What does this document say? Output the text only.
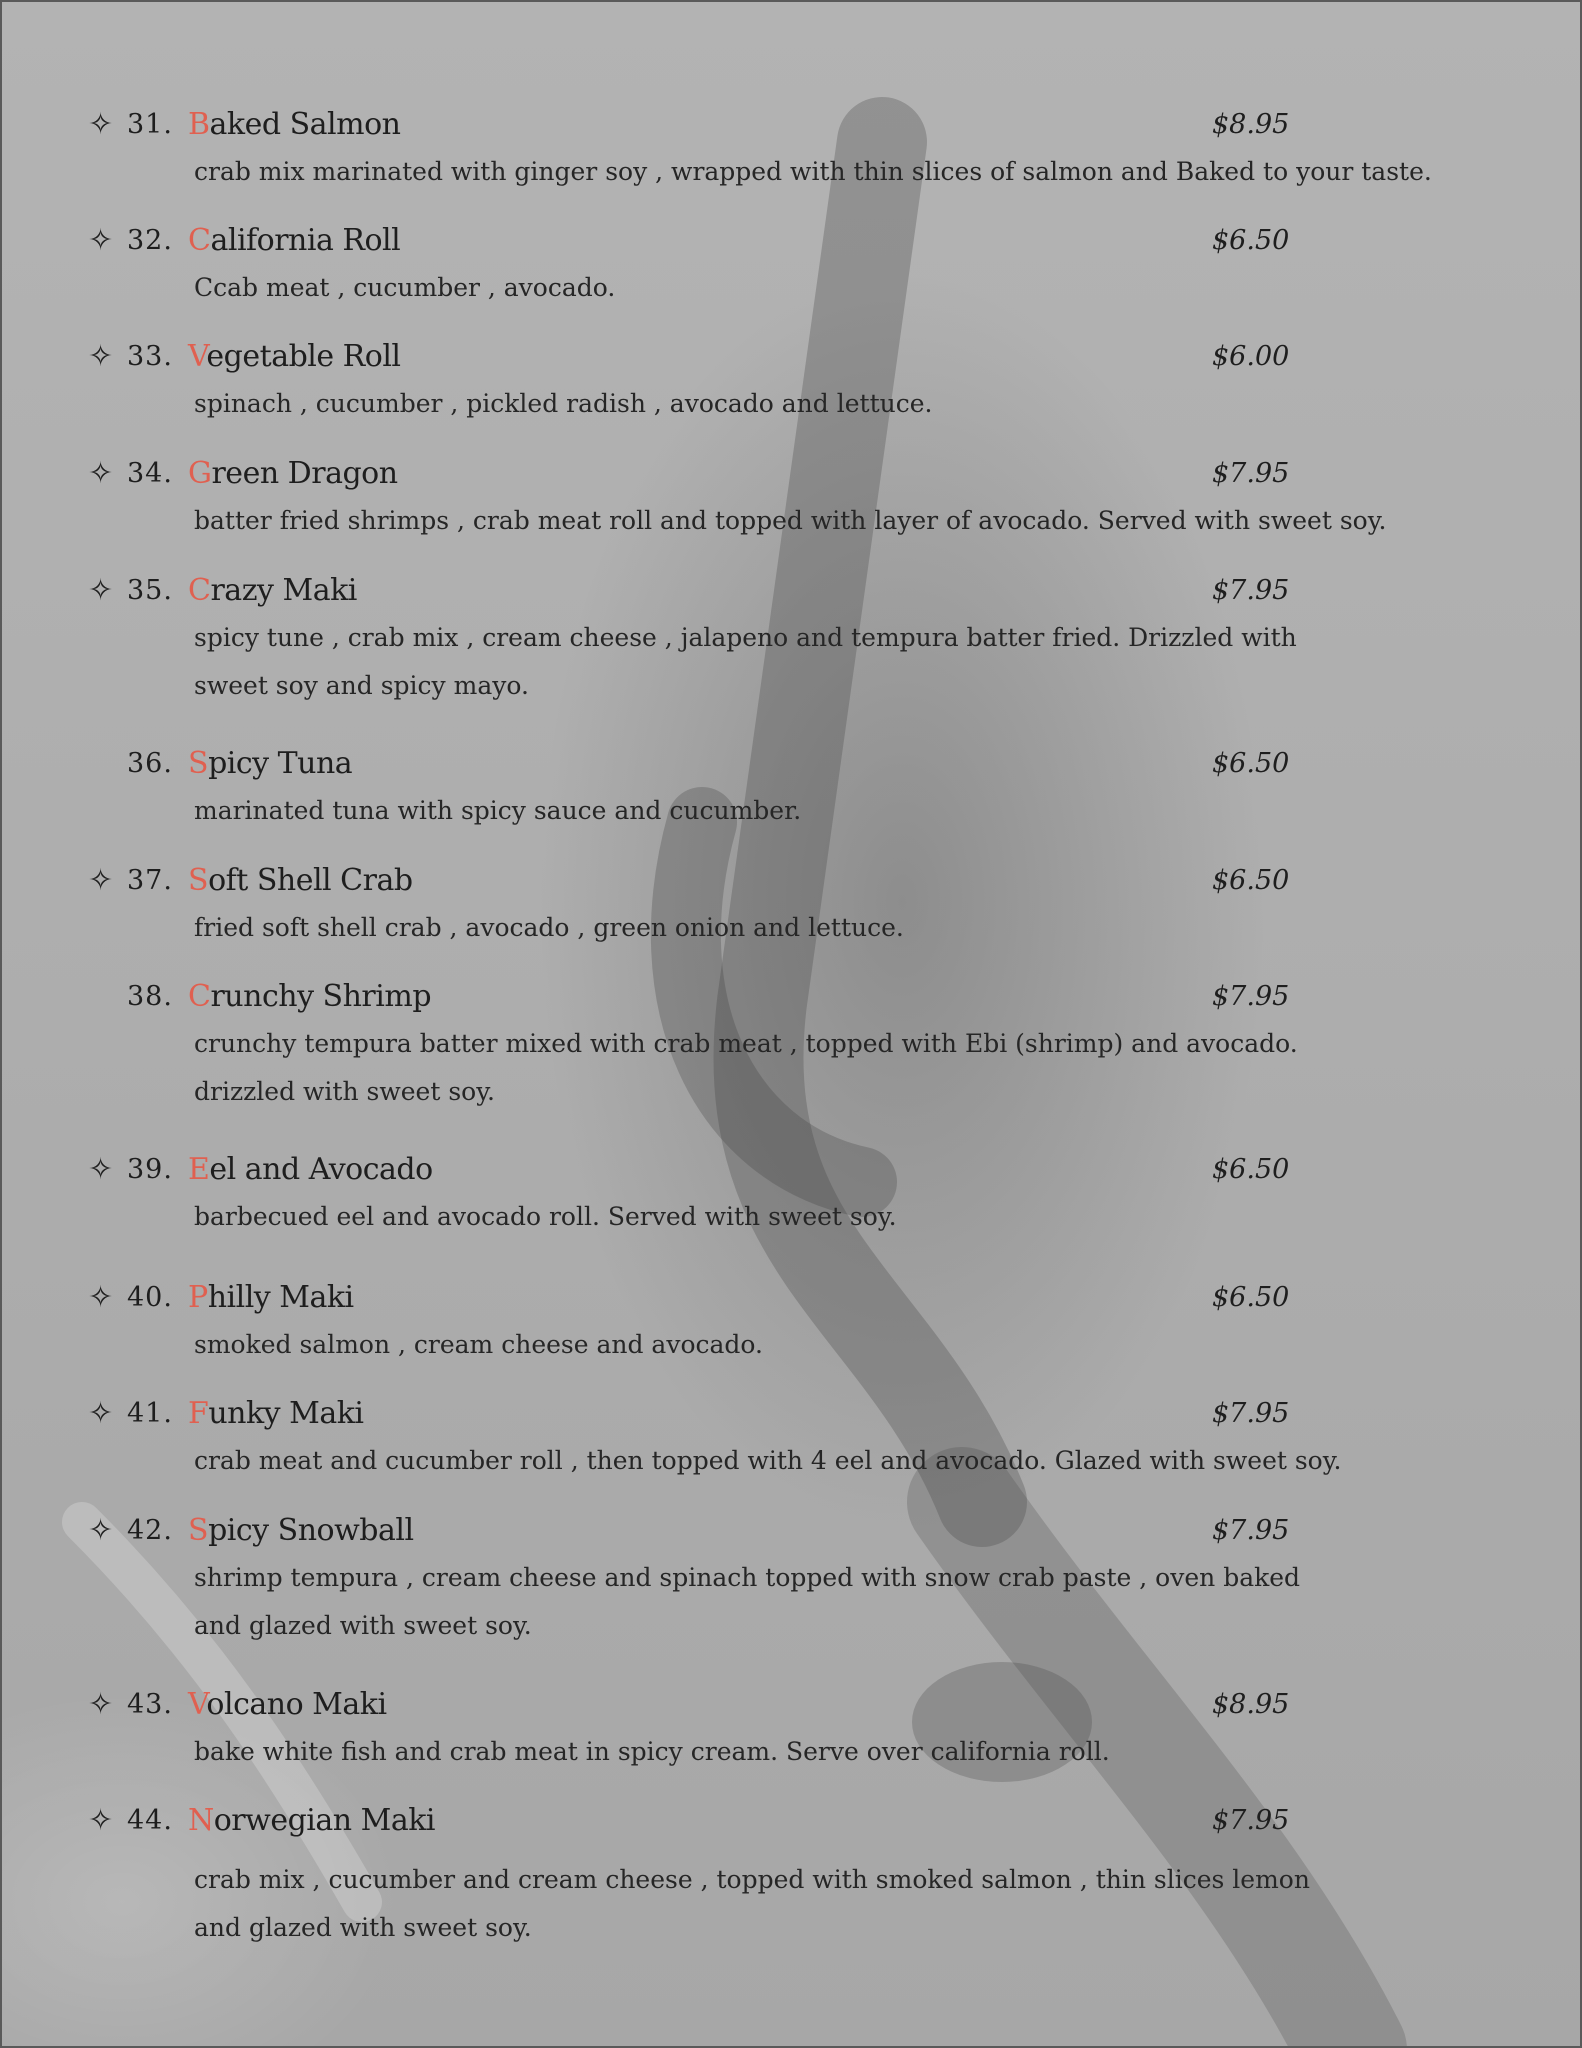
✧ 31. Baked Salmon	$8.95
crab mix marinated with ginger soy , wrapped with thin slices of salmon and Baked to your taste.
✧ 32. California Roll	$6.50
Ccab meat , cucumber , avocado.
✧ 33. Vegetable Roll	$6.00
spinach , cucumber , pickled radish , avocado and lettuce.
✧ 34. Green Dragon	$7.95
batter fried shrimps , crab meat roll and topped with layer of avocado. Served with sweet soy.
✧ 35. Crazy Maki	$7.95
spicy tune , crab mix , cream cheese , jalapeno and tempura batter fried. Drizzled with sweet soy and spicy mayo.
36. Spicy Tuna	$6.50
marinated tuna with spicy sauce and cucumber.
✧ 37. Soft Shell Crab	$6.50
fried soft shell crab , avocado , green onion and lettuce.
38. Crunchy Shrimp	$7.95
crunchy tempura batter mixed with crab meat , topped with Ebi (shrimp) and avocado. drizzled with sweet soy.
✧ 39. Eel and Avocado	$6.50
barbecued eel and avocado roll. Served with sweet soy.
✧ 40. Philly Maki	$6.50
smoked salmon , cream cheese and avocado.
✧ 41. Funky Maki	$7.95
crab meat and cucumber roll , then topped with 4 eel and avocado. Glazed with sweet soy.
✧ 42. Spicy Snowball	$7.95
shrimp tempura , cream cheese and spinach topped with snow crab paste , oven baked and glazed with sweet soy.
✧ 43. Volcano Maki	$8.95
bake white fish and crab meat in spicy cream. Serve over california roll.
✧ 44. Norwegian Maki	$7.95
crab mix , cucumber and cream cheese , topped with smoked salmon , thin slices lemon and glazed with sweet soy.
